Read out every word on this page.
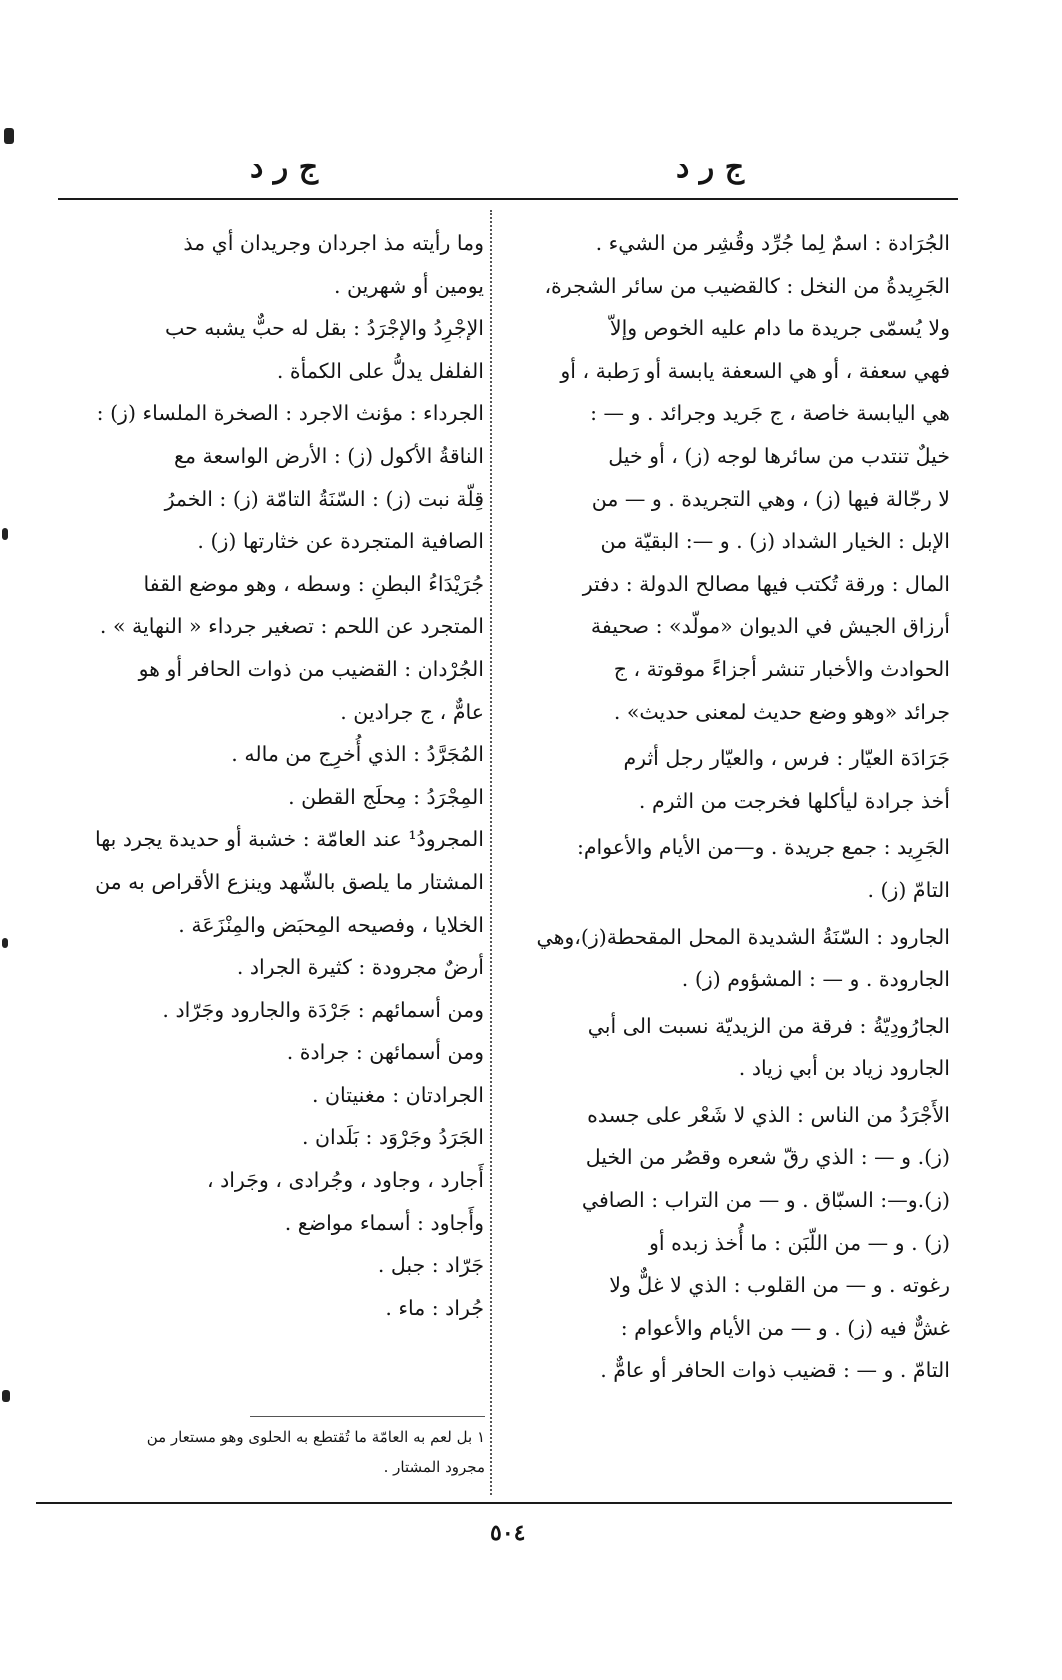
ج ر د
ج ر د
الجُرَادة : اسمٌ لِما جُرِّد وقُشِر من الشيء .
الجَرِيدةُ من النخل : كالقضيب من سائر الشجرة،
ولا يُسمّى جريدة ما دام عليه الخوص وإلاّ
فهي سعفة ، أو هي السعفة يابسة أو رَطبة ، أو
هي اليابسة خاصة ، ج جَريد وجرائد . و — :
خيلٌ تنتدب من سائرها لوجه (ز) ، أو خيل
لا رجّالة فيها (ز) ، وهي التجريدة . و — من
الإبل : الخيار الشداد (ز) . و —: البقيّة من
المال : ورقة تُكتب فيها مصالح الدولة : دفتر
أرزاق الجيش في الديوان «مولّد» : صحيفة
الحوادث والأخبار تنشر أجزاءً موقوتة ، ج
جرائد «وهو وضع حديث لمعنى حديث» .
جَرَادَة العيّار : فرس ، والعيّار رجل أثرم
أخذ جرادة ليأكلها فخرجت من الثرم .
الجَرِيد : جمع جريدة . و—من الأيام والأعوام:
التامّ (ز) .
الجارود : السّنَةُ الشديدة المحل المقحطة(ز)،وهي
الجارودة . و — : المشؤوم (ز) .
الجارُودِيّةُ : فرقة من الزيديّة نسبت الى أبي
الجارود زياد بن أبي زياد .
الأَجْرَدُ من الناس : الذي لا شَعْر على جسده
(ز). و — : الذي رقّ شعره وقصُر من الخيل
(ز).و—: السبّاق . و — من التراب : الصافي
(ز) . و — من اللّبَن : ما أُخذ زبده أو
رغوته . و — من القلوب : الذي لا غلٌّ ولا
غشٌّ فيه (ز) . و — من الأيام والأعوام :
التامّ . و — : قضيب ذوات الحافر أو عامٌّ .
وما رأيته مذ اجردان وجريدان أي مذ
يومين أو شهرين .
الإجْرِدُ والإجْرَدُ : بقل له حبٌّ يشبه حب
الفلفل يدلُّ على الكمأة .
الجرداء : مؤنث الاجرد : الصخرة الملساء (ز) :
الناقةُ الأكول (ز) : الأرض الواسعة مع
قِلّة نبت (ز) : السّنَةُ التامّة (ز) : الخمرُ
الصافية المتجردة عن خثارتها (ز) .
جُرَيْدَاءُ البطنِ : وسطه ، وهو موضع القفا
المتجرد عن اللحم : تصغير جرداء « النهاية » .
الجُرْدان : القضيب من ذوات الحافر أو هو
عامٌّ ، ج جرادين .
المُجَرَّدُ : الذي أُخرِج من ماله .
المِجْرَدُ : مِحلَج القطن .
المجرودُ¹ عند العامّة : خشبة أو حديدة يجرد بها
المشتار ما يلصق بالشّهد وينزع الأقراص به من
الخلايا ، وفصيحه المِحبَض والمِنْزَعَة .
أرضٌ مجرودة : كثيرة الجراد .
ومن أسمائهم : جَرْدَة والجارود وجَرّاد .
ومن أسمائهن : جرادة .
الجرادتان : مغنيتان .
الجَرَدُ وجَرْوَد : بَلَدان .
أَجارد ، وجاود ، وجُرادى ، وجَراد ،
وأَجاود : أسماء مواضع .
جَرّاد : جبل .
جُراد : ماء .
١ بل لعم به العامّة ما تُقتطع به الحلوى وهو مستعار من
مجرود المشتار .
٥٠٤
